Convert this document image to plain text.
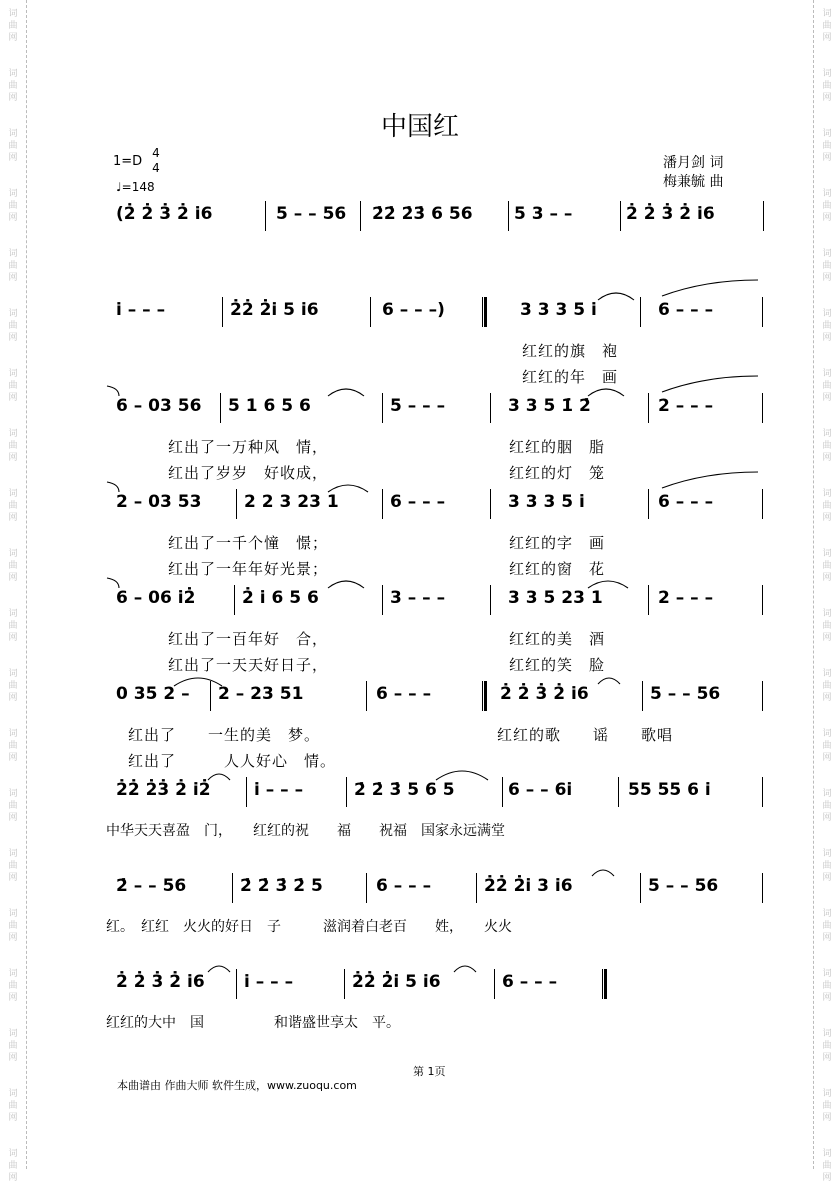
词
曲
网
词
曲
网
词
曲
网
词
曲
网
词
曲
网
词
曲
网
词
曲
网
词
曲
网
词
曲
网
词
曲
网
词
曲
网
词
曲
网
词
曲
网
词
曲
网
词
曲
网
词
曲
网
词
曲
网
词
曲
网
词
曲
网
词
曲
网
词
曲
网
词
曲
网
词
曲
网
词
曲
网
词
曲
网
词
曲
网
词
曲
网
词
曲
网
词
曲
网
词
曲
网
词
曲
网
词
曲
网
词
曲
网
词
曲
网
词
曲
网
词
曲
网
词
曲
网
词
曲
网
词
曲
网
词
曲
网
中国红
1=D
4
4
♩=148
潘月剑 词
梅兼毓 曲
(2̇ 2̇ 3̇ 2̇ i̇6	5 – – 56 2̇2̇ 2̇3̇ 6 56 5 3 – –	2̇ 2̇ 3̇ 2̇ i̇6
i̇ – – –	2̇2̇ 2̇i̇ 5 i̇6	6 – – –)	3 3 3 5 i̇	6 – – –
6 – 03 56 5 1 6 5 6	5 – – –	3 3 5 1̇ 2̇	2 – – –
2 – 03 53	2 2 3 23 1	6 – – –	3 3 3 5 i̇	6 – – –
6 – 06 i̇2̇	2̇ i̇ 6 5 6	3 – – –	3 3 5 23 1	2 – – –
0 35 2 – 2 – 23 51	6 – – –	2̇ 2̇ 3̇ 2̇ i̇6	5 – – 56
2̇2̇ 2̇3̇ 2̇ i̇2̇	i̇ – – –	2̇ 2̇ 3̇ 5 6 5	6 – – 6i̇	55 55 6 i̇
2̇ – – 56	2̇ 2̇ 3̇ 2̇ 5	6 – – –	2̇2̇ 2̇i̇ 3 i̇6	5 – – 56
2̇ 2̇ 3̇ 2̇ i̇6 i̇ – – –	2̇2̇ 2̇i̇ 5 i̇6	6 – – –
红红的旗　袍
红红的年　画
红出了一万种风　情，	红红的胭　脂
红出了岁岁　好收成，	红红的灯　笼
红出了一千个憧　憬；	红红的字　画
红出了一年年好光景；	红红的窗　花
红出了一百年好　合，	红红的美　酒
红出了一天天好日子，	红红的笑　脸
红出了　　一生的美　梦。	红红的歌　　谣　　歌唱
红出了　　　人人好心　情。
中华天天喜盈　门，　　红红的祝　　福　　祝福　国家永远满堂
红。　红红　火火的好日　子　　　滋润着白老百　　姓，　　火火
红红的大中　国　　　　　和谐盛世享太　平。
第 1页
本曲谱由 作曲大师 软件生成，www.zuoqu.com
